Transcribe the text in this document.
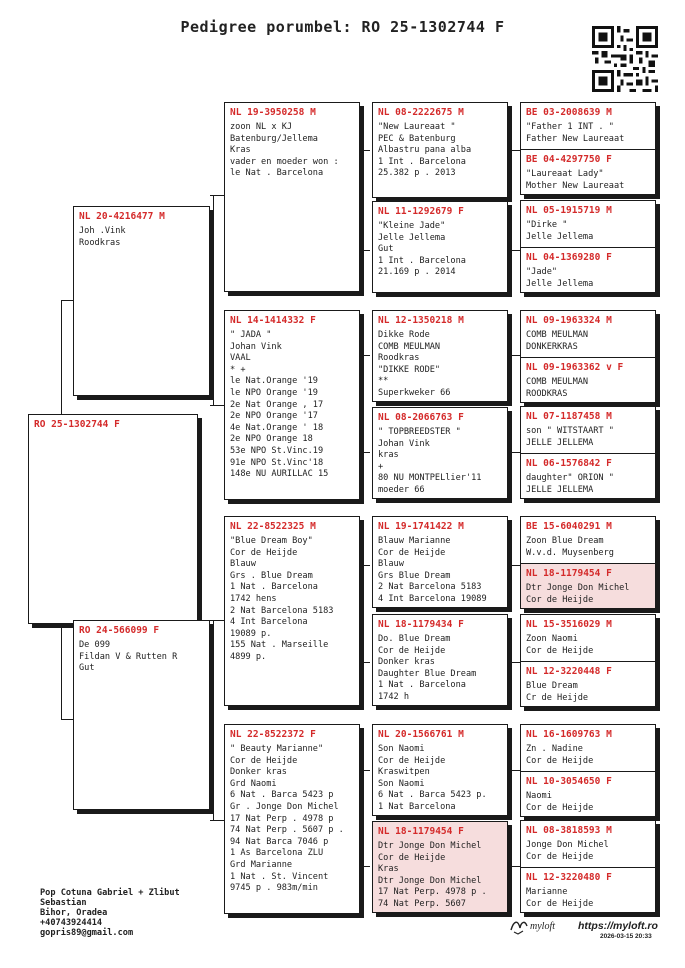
Pedigree porumbel: RO 25-1302744 F
RO 25-1302744 F
NL 20-4216477 M
Joh .Vink
Roodkras
RO 24-566099 F
De 099
Fildan V & Rutten R
Gut
NL 19-3950258 M
zoon NL x KJ
Batenburg/Jellema
Kras
vader en moeder won :
le Nat . Barcelona
NL 14-1414332 F
" JADA "
Johan Vink
VAAL
* +
le Nat.Orange '19
le NPO Orange '19
2e Nat Orange , 17
2e NPO Orange '17
4e Nat.Orange ' 18
2e NPO Orange 18
53e NPO St.Vinc.19
91e NPO St.Vinc'18
148e NU AURILLAC 15
NL 22-8522325 M
"Blue Dream Boy"
Cor de Heijde
Blauw
Grs . Blue Dream
1 Nat . Barcelona
1742 hens
2 Nat Barcelona 5183
4 Int Barcelona
19089 p.
155 Nat . Marseille
4899 p.
NL 22-8522372 F
" Beauty Marianne"
Cor de Heijde
Donker kras
Grd Naomi
6 Nat . Barca 5423 p
Gr . Jonge Don Michel
17 Nat Perp . 4978 p
74 Nat Perp . 5607 p .
94 Nat Barca 7046 p
1 As Barcelona ZLU
Grd Marianne
1 Nat . St. Vincent
9745 p . 983m/min
NL 08-2222675 M
"New Laureaat "
PEC & Batenburg
Albastru pana alba
1 Int . Barcelona
25.382 p . 2013
NL 11-1292679 F
"Kleine Jade"
Jelle Jellema
Gut
1 Int . Barcelona
21.169 p . 2014
NL 12-1350218 M
Dikke Rode
COMB MEULMAN
Roodkras
"DIKKE RODE"
**
Superkweker 66
NL 08-2066763 F
" TOPBREEDSTER "
Johan Vink
kras
+
80 NU MONTPELlier'11
moeder 66
NL 19-1741422 M
Blauw Marianne
Cor de Heijde
Blauw
Grs Blue Dream
2 Nat Barcelona 5183
4 Int Barcelona 19089
NL 18-1179434 F
Do. Blue Dream
Cor de Heijde
Donker kras
Daughter Blue Dream
1 Nat . Barcelona
1742 h
NL 20-1566761 M
Son Naomi
Cor de Heijde
Kraswitpen
Son Naomi
6 Nat . Barca 5423 p.
1 Nat Barcelona
NL 18-1179454 F
Dtr Jonge Don Michel
Cor de Heijde
Kras
Dtr Jonge Don Michel
17 Nat Perp. 4978 p .
74 Nat Perp. 5607
BE 03-2008639 M
"Father 1 INT . "
Father New Laureaat
BE 04-4297750 F
"Laureaat Lady"
Mother New Laureaat
NL 05-1915719 M
"Dirke "
Jelle Jellema
NL 04-1369280 F
"Jade"
Jelle Jellema
NL 09-1963324 M
COMB MEULMAN
DONKERKRAS
NL 09-1963362 v F
COMB MEULMAN
ROODKRAS
NL 07-1187458 M
son " WITSTAART "
JELLE JELLEMA
NL 06-1576842 F
daughter" ORION "
JELLE JELLEMA
BE 15-6040291 M
Zoon Blue Dream
W.v.d. Muysenberg
NL 18-1179454 F
Dtr Jonge Don Michel
Cor de Heijde
NL 15-3516029 M
Zoon Naomi
Cor de Heijde
NL 12-3220448 F
Blue Dream
Cr de Heijde
NL 16-1609763 M
Zn . Nadine
Cor de Heijde
NL 10-3054650 F
Naomi
Cor de Heijde
NL 08-3818593 M
Jonge Don Michel
Cor de Heijde
NL 12-3220480 F
Marianne
Cor de Heijde
Pop Cotuna Gabriel + Zlibut
Sebastian
Bihor, Oradea
+40743924414
gopris89@gmail.com
myloft https://myloft.ro
2026-03-15 20:33
